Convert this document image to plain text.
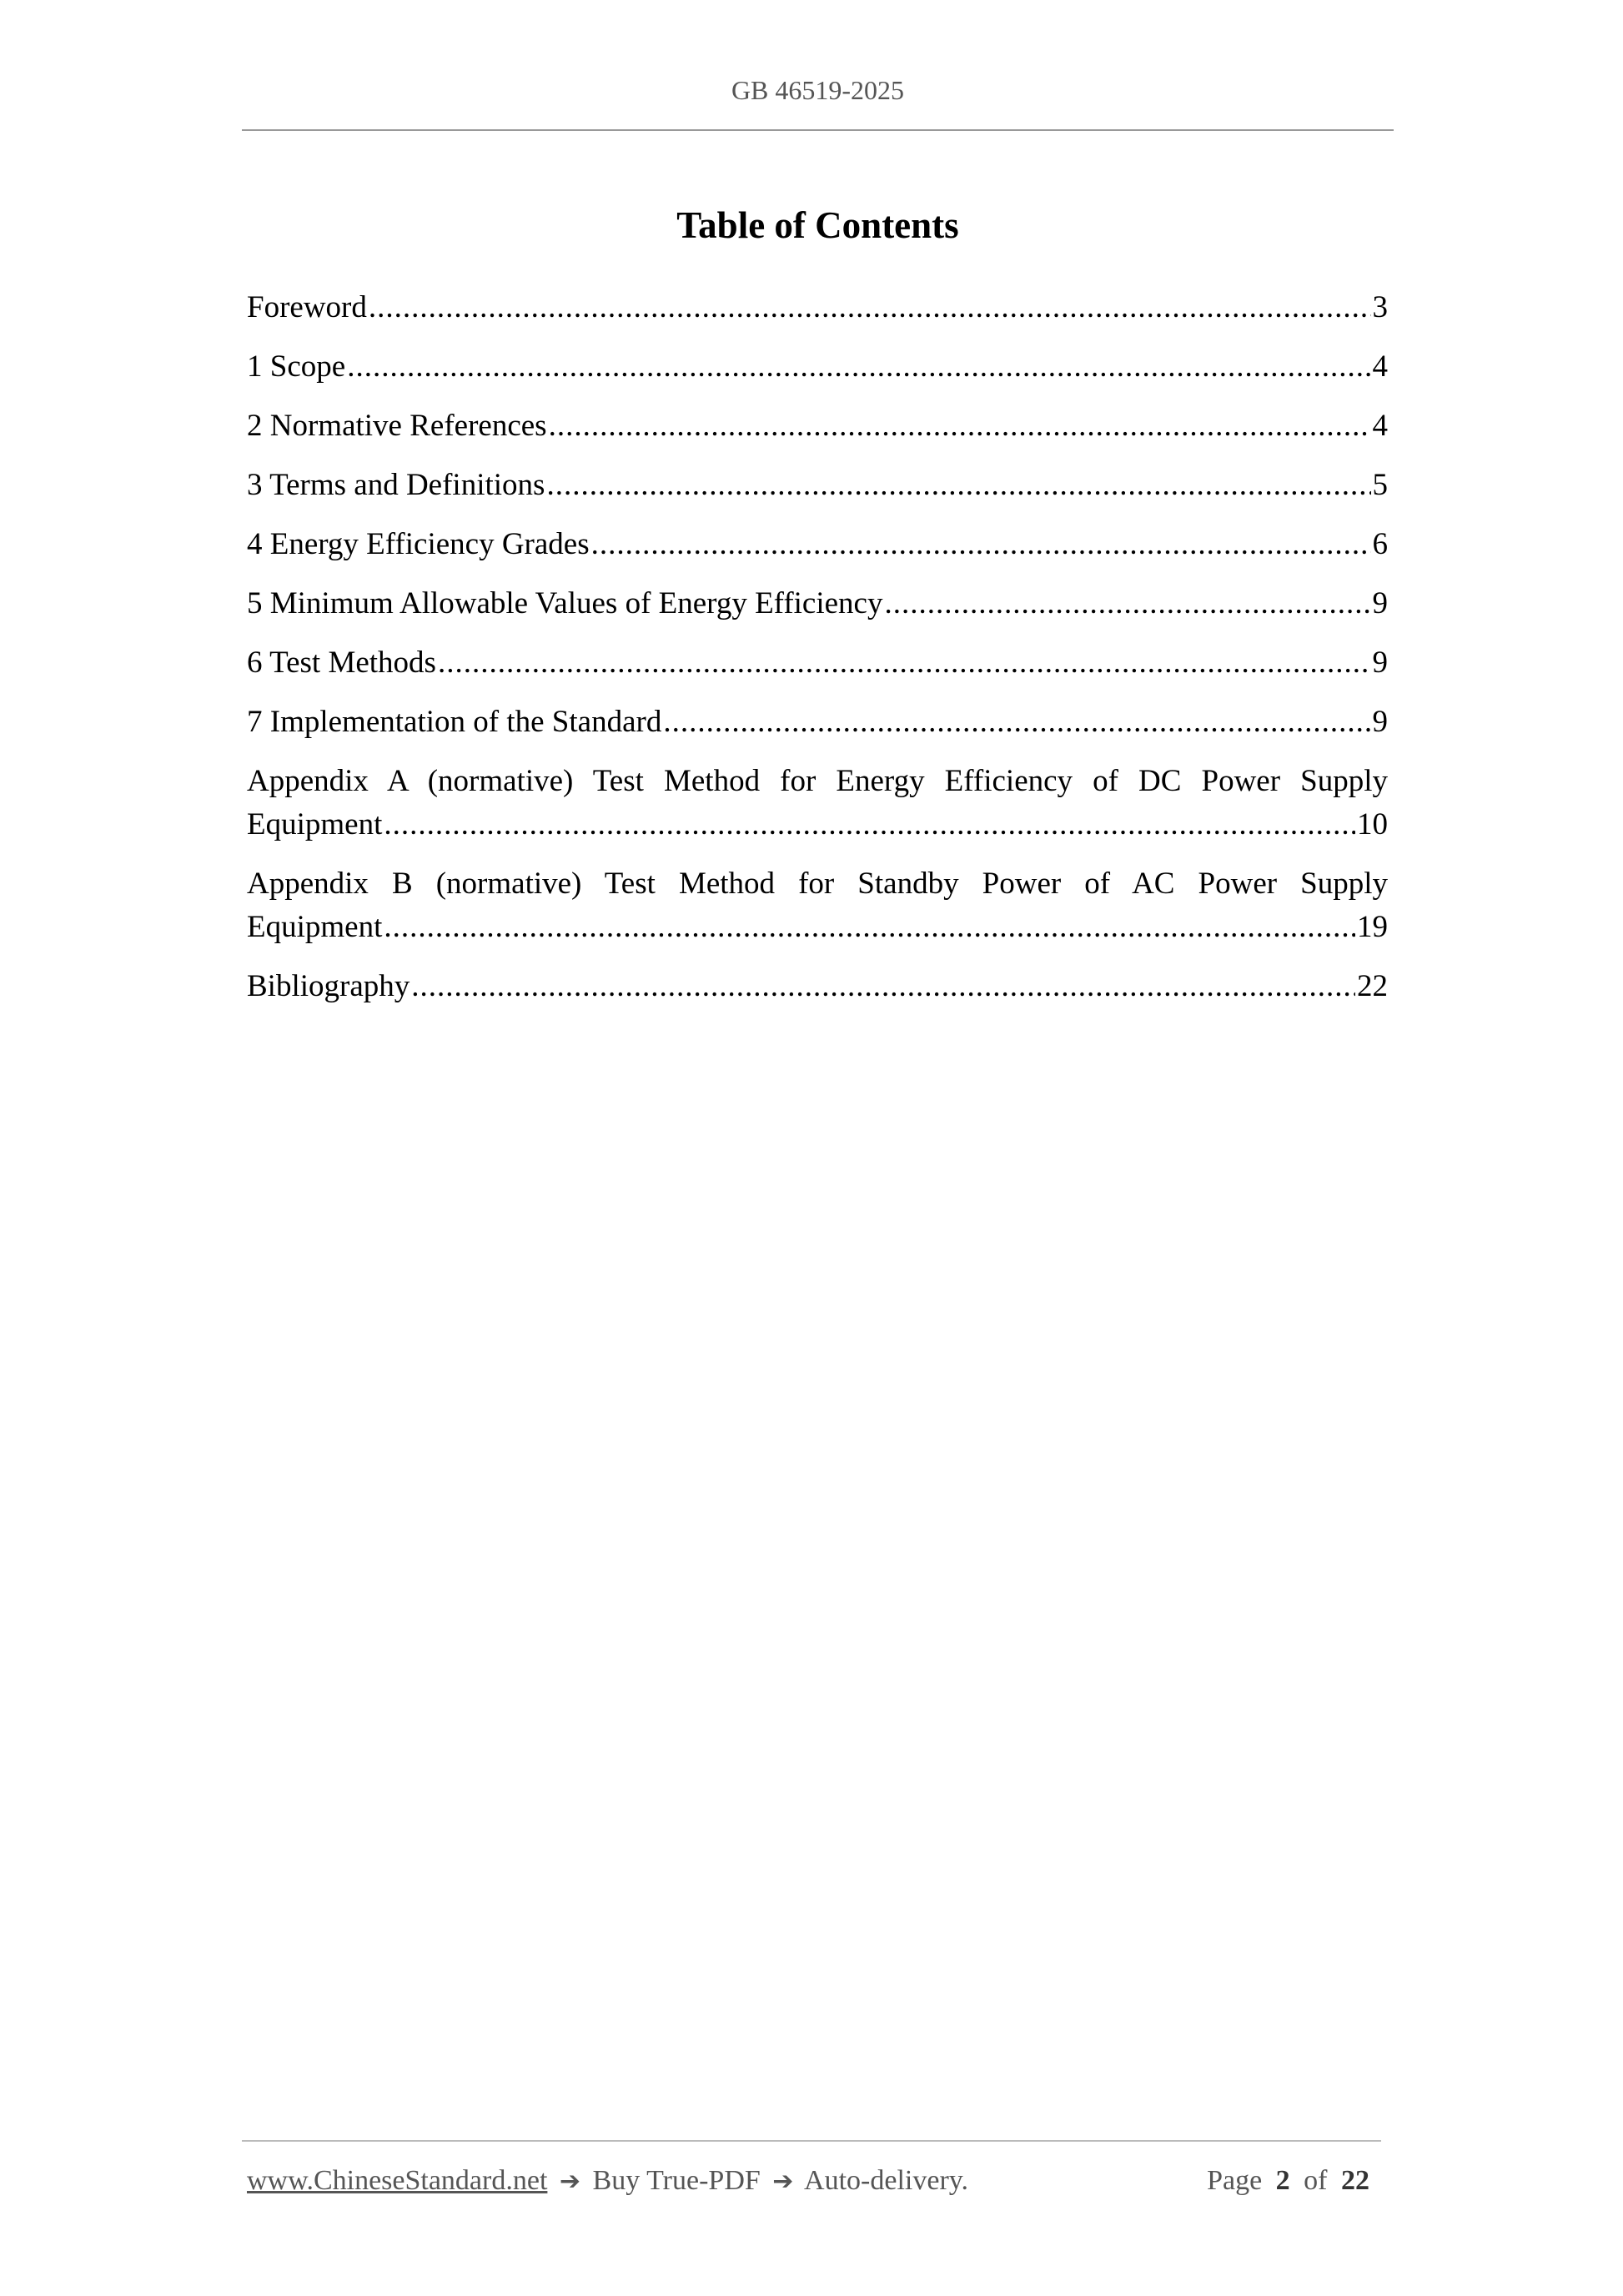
GB 46519-2025
Table of Contents
Foreword .....	3
1 Scope .....	4
2 Normative References .....	4
3 Terms and Definitions .....	5
4 Energy Efficiency Grades .....	6
5 Minimum Allowable Values of Energy Efficiency .....	9
6 Test Methods .....	9
7 Implementation of the Standard .....	9
Appendix A (normative) Test Method for Energy Efficiency of DC Power Supply
Equipment .....	10
Appendix B (normative) Test Method for Standby Power of AC Power Supply
Equipment .....	19
Bibliography .....	22
www.ChineseStandard.net ➔ Buy True-PDF ➔ Auto-delivery.	Page 2 of 22
